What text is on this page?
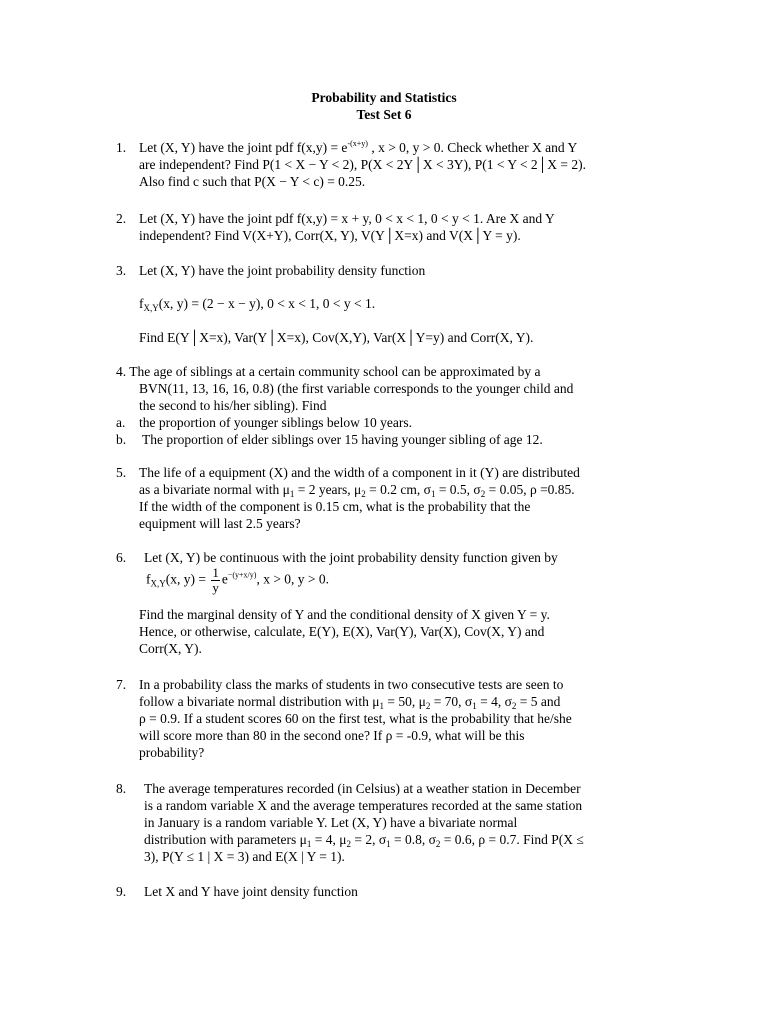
Probability and Statistics
Test Set 6
1. Let (X, Y) have the joint pdf $f(x,y) = e^{-(x+y)}$ , x > 0, y > 0. Check whether X and Y
are independent? Find P(1 < X − Y < 2), P(X < 2Y│X < 3Y), P(1 < Y < 2│X = 2).
Also find c such that P(X − Y < c) = 0.25.
2. Let (X, Y) have the joint pdf f(x,y) = x + y, 0 < x < 1, 0 < y < 1. Are X and Y
independent? Find V(X+Y), Corr(X, Y), V(Y│X=x) and V(X│Y = y).
3. Let (X, Y) have the joint probability density function
$f_{X,Y}(x$, y) = (2 − x − y), 0 < x < 1, 0 < y < 1.
Find E(Y│X=x), Var(Y│X=x), Cov(X,Y), Var(X│Y=y) and Corr(X, Y).
4. The age of siblings at a certain community school can be approximated by a
BVN(11, 13, 16, 16, 0.8) (the first variable corresponds to the younger child and
the second to his/her sibling). Find
a. the proportion of younger siblings below 10 years.
b. The proportion of elder siblings over 15 having younger sibling of age 12.
5. The life of a equipment (X) and the width of a component in it (Y) are distributed
as a bivariate normal with $\mu_1 = 2$ years, $\mu_2 = 0.2$ cm, $\sigma_1 = 0.5$, $\sigma_2 = 0.05$, ρ =0.85.
If the width of the component is 0.15 cm, what is the probability that the
equipment will last 2.5 years?
6. Let (X, Y) be continuous with the joint probability density function given by
$f_{X,Y}(x$, $y) = \frac{1}{y} e^{-(y+x/y)}$, x > 0, y > 0.
Find the marginal density of Y and the conditional density of X given Y = y.
Hence, or otherwise, calculate, E(Y), E(X), Var(Y), Var(X), Cov(X, Y) and
Corr(X, Y).
7. In a probability class the marks of students in two consecutive tests are seen to
follow a bivariate normal distribution with $\mu_1 = 50$, $\mu_2 = 70$, $\sigma_1 = 4$, $\sigma_2 = 5$ and
ρ = 0.9. If a student scores 60 on the first test, what is the probability that he/she
will score more than 80 in the second one? If ρ = -0.9, what will be this
probability?
8. The average temperatures recorded (in Celsius) at a weather station in December
is a random variable X and the average temperatures recorded at the same station
in January is a random variable Y. Let (X, Y) have a bivariate normal
distribution with parameters $\mu_1 = 4$, $\mu_2 = 2$, $\sigma_1 = 0.8$, $\sigma_2 = 0.6$, ρ = 0.7. Find P(X ≤
3), P(Y ≤ 1 | X = 3) and E(X | Y = 1).
9. Let X and Y have joint density function
